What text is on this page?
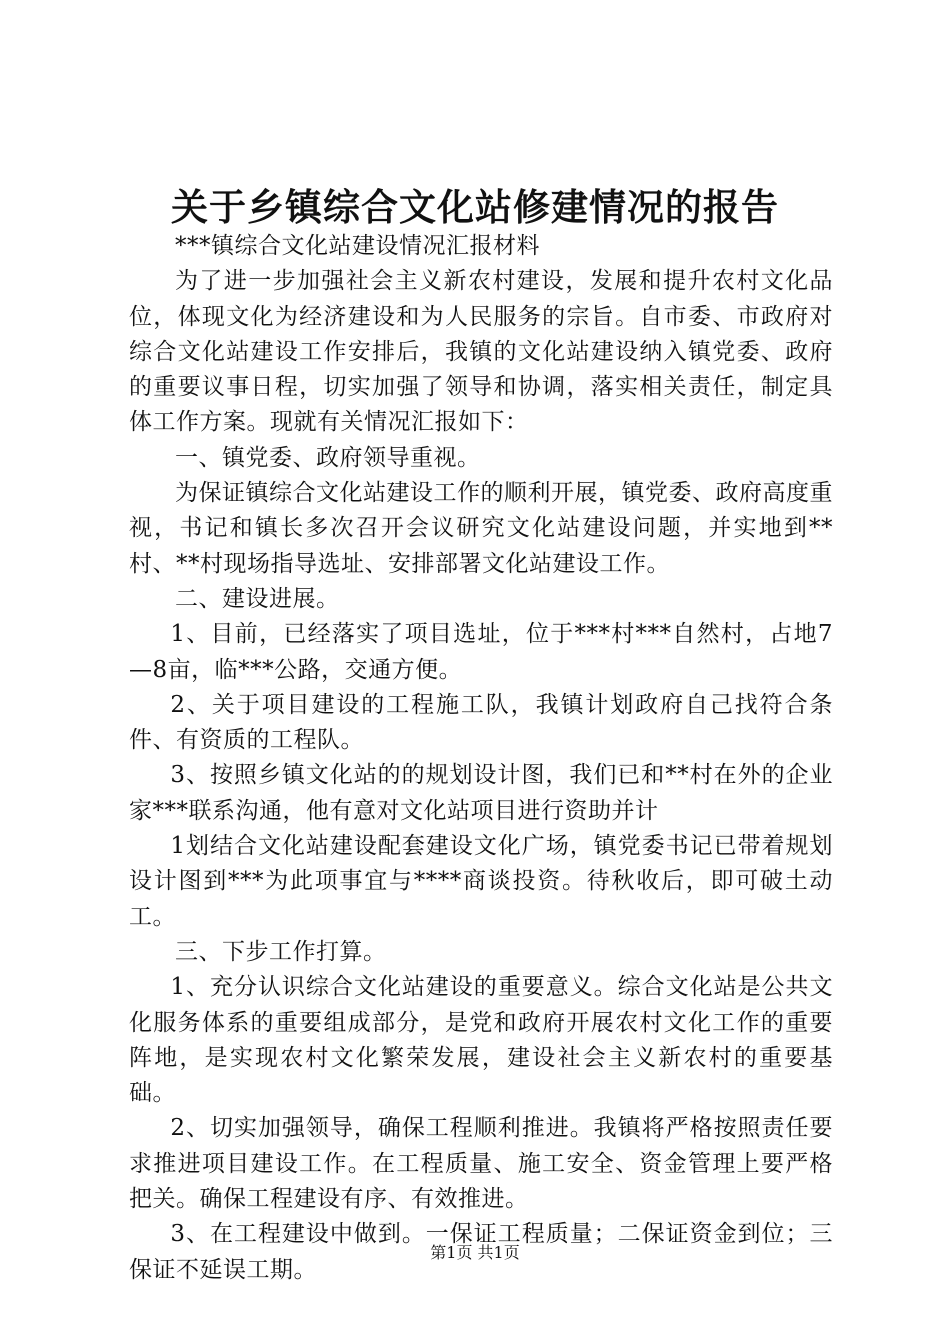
关于乡镇综合文化站修建情况的报告

***镇综合文化站建设情况汇报材料

为了进一步加强社会主义新农村建设，发展和提升农村文化品位，体现文化为经济建设和为人民服务的宗旨。自市委、市政府对综合文化站建设工作安排后，我镇的文化站建设纳入镇党委、政府的重要议事日程，切实加强了领导和协调，落实相关责任，制定具体工作方案。现就有关情况汇报如下：

一、镇党委、政府领导重视。

为保证镇综合文化站建设工作的顺利开展，镇党委、政府高度重视，书记和镇长多次召开会议研究文化站建设问题，并实地到**村、**村现场指导选址、安排部署文化站建设工作。

二、建设进展。

1、目前，已经落实了项目选址，位于***村***自然村，占地7—8亩，临***公路，交通方便。

2、关于项目建设的工程施工队，我镇计划政府自己找符合条件、有资质的工程队。

3、按照乡镇文化站的的规划设计图，我们已和**村在外的企业家***联系沟通，他有意对文化站项目进行资助并计

1划结合文化站建设配套建设文化广场，镇党委书记已带着规划设计图到***为此项事宜与****商谈投资。待秋收后，即可破土动工。

三、下步工作打算。

1、充分认识综合文化站建设的重要意义。综合文化站是公共文化服务体系的重要组成部分，是党和政府开展农村文化工作的重要阵地，是实现农村文化繁荣发展，建设社会主义新农村的重要基础。

2、切实加强领导，确保工程顺利推进。我镇将严格按照责任要求推进项目建设工作。在工程质量、施工安全、资金管理上要严格把关。确保工程建设有序、有效推进。

3、在工程建设中做到。一保证工程质量；二保证资金到位；三保证不延误工期。

第1页 共1页
